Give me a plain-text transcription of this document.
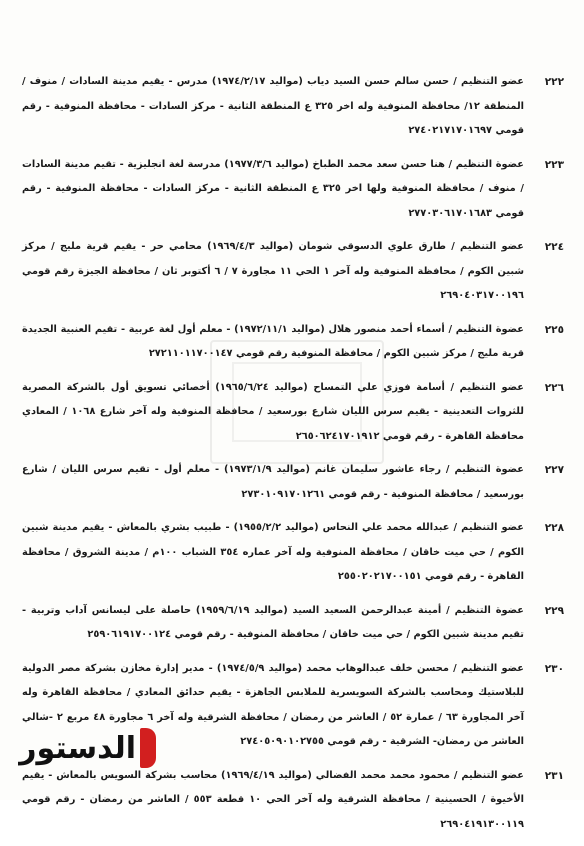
٢٢٢
عضو التنظيم / حسن سالم حسن السيد دياب (مواليد ١٩٧٤/٢/١٧) مدرس - يقيم مدينة السادات / منوف / المنطقة ١٢/ محافظة المنوفية وله اخر ٣٢٥ ع المنطقة الثانية - مركز السادات - محافظة المنوفية - رقم قومي ٢٧٤٠٢١٧١٧٠١٦٩٧
٢٢٣
عضوة التنظيم / هنا حسن سعد محمد الطباخ (مواليد ١٩٧٧/٣/٦) مدرسة لغة انجليزية - تقيم مدينة السادات / منوف / محافظة المنوفية ولها اخر ٣٢٥ ع المنطقة الثانية - مركز السادات - محافظة المنوفية - رقم قومي ٢٧٧٠٣٠٦١٧٠١٦٨٣
٢٢٤
عضو التنظيم / طارق علوي الدسوقي شومان (مواليد ١٩٦٩/٤/٣) محامي حر - يقيم قرية مليج / مركز شبين الكوم / محافظة المنوفية وله آخر ١ الحي ١١ مجاورة ٧ / ٦ أكتوبر ثان / محافظة الجيزة رقم قومي ٢٦٩٠٤٠٣١٧٠٠١٩٦
٢٢٥
عضوة التنظيم / أسماء أحمد منصور هلال (مواليد ١٩٧٢/١١/١) - معلم أول لغة عربية - تقيم العنبية الجديدة قرية مليج / مركز شبين الكوم / محافظة المنوفية رقم قومي ٢٧٢١١٠١١٧٠٠١٤٧
٢٢٦
عضو التنظيم / أسامة فوزي علي التمساح (مواليد ١٩٦٥/٦/٢٤) أخصائي تسويق أول بالشركة المصرية للثروات التعدينية - يقيم سرس الليان شارع بورسعيد / محافظة المنوفية وله آخر شارع ١٠٦٨ / المعادي محافظة القاهرة - رقم قومي ٢٦٥٠٦٢٤١٧٠١٩١٢
٢٢٧
عضوة التنظيم / رجاء عاشور سليمان غانم (مواليد ١٩٧٣/١/٩) - معلم أول - تقيم سرس الليان / شارع بورسعيد / محافظة المنوفية - رقم قومي ٢٧٣٠١٠٩١٧٠١٢٦١
٢٢٨
عضو التنظيم / عبدالله محمد علي النحاس (مواليد ١٩٥٥/٢/٢) - طبيب بشري بالمعاش - يقيم مدينة شبين الكوم / حي ميت خاقان / محافظة المنوفية وله آخر عماره ٣٥٤ الشباب ١٠٠م / مدينة الشروق / محافظة القاهرة - رقم قومي ٢٥٥٠٢٠٢١٧٠٠١٥١
٢٢٩
عضوة التنظيم / أمينة عبدالرحمن السعيد السيد (مواليد ١٩٥٩/٦/١٩) حاصلة على ليسانس آداب وتربية - تقيم مدينة شبين الكوم / حي ميت خاقان / محافظة المنوفية - رقم قومي ٢٥٩٠٦١٩١٧٠٠١٢٤
٢٣٠
عضو التنظيم / محسن خلف عبدالوهاب محمد (مواليد ١٩٧٤/٥/٩) - مدير إدارة مخازن بشركة مصر الدولية للبلاستيك ومحاسب بالشركة السويسرية للملابس الجاهزة - يقيم حدائق المعادي / محافظة القاهرة وله آخر المجاورة ٦٣ / عمارة ٥٢ / العاشر من رمضان / محافظة الشرقية وله آخر ٦ مجاورة ٤٨ مربع ٢ -شالي العاشر من رمضان- الشرقية - رقم قومي ٢٧٤٠٥٠٩٠١٠٢٧٥٥
٢٣١
عضو التنظيم / محمود محمد محمد الفضالي (مواليد ١٩٦٩/٤/١٩) محاسب بشركة السويس بالمعاش - يقيم الأخيوة / الحسينية / محافظة الشرقية وله آخر الحي ١٠ قطعة ٥٥٣ / العاشر من رمضان - رقم قومي ٢٦٩٠٤١٩١٣٠٠١١٩
الدستور
